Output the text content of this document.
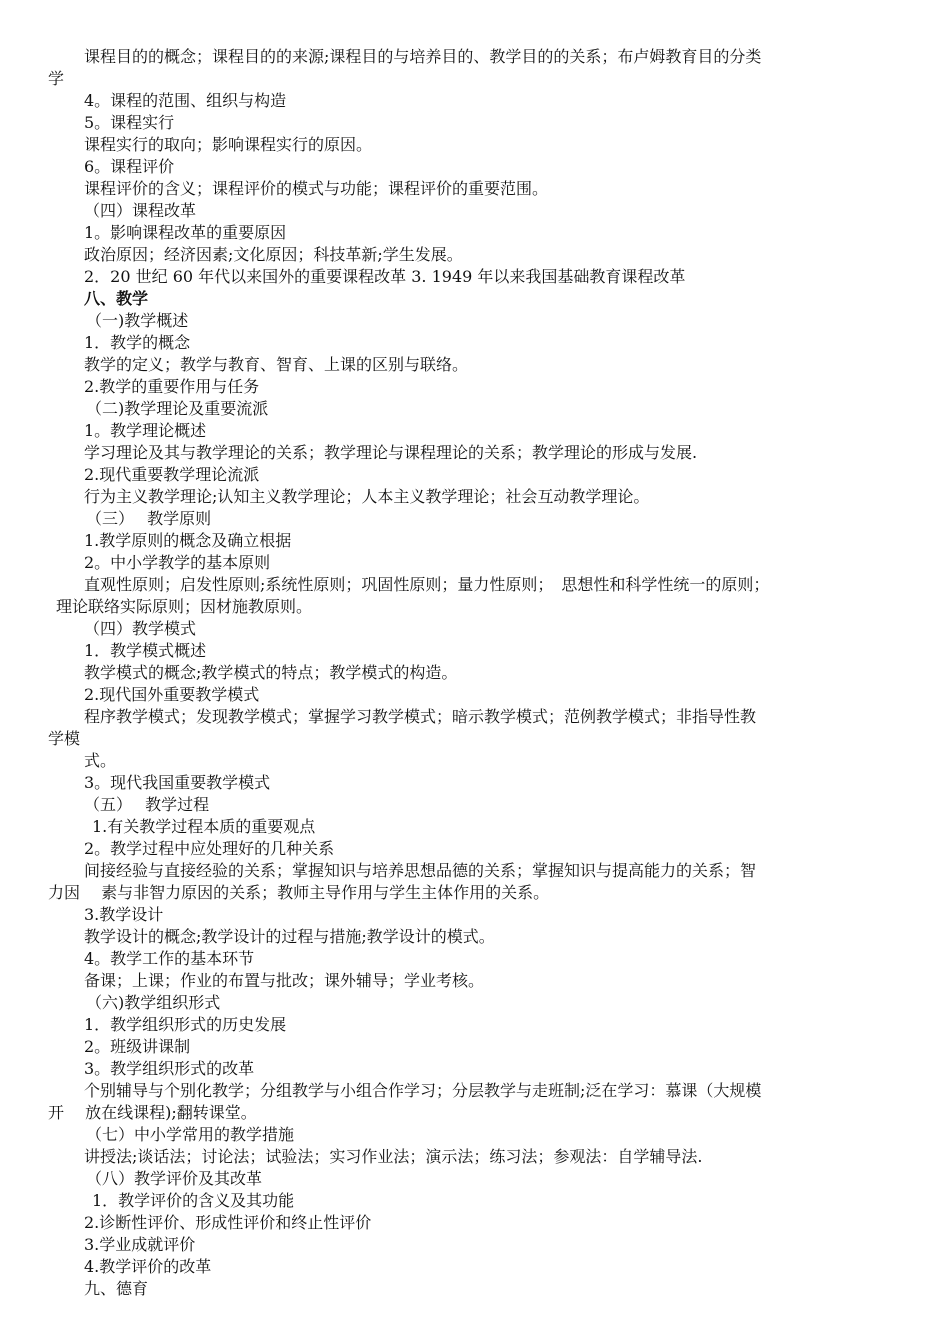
课程目的的概念；课程目的的来源;课程目的与培养目的、教学目的的关系；布卢姆教育目的分类
学
4。课程的范围、组织与构造
5。课程实行
课程实行的取向；影响课程实行的原因。
6。课程评价
课程评价的含义；课程评价的模式与功能；课程评价的重要范围。
（四）课程改革
1。影响课程改革的重要原因
政治原因；经济因素;文化原因；科技革新;学生发展。
2．20 世纪 60 年代以来国外的重要课程改革 3. 1949 年以来我国基础教育课程改革
八、教学
（一)教学概述
1．教学的概念
教学的定义；教学与教育、智育、上课的区别与联络。
2.教学的重要作用与任务
（二)教学理论及重要流派
1。教学理论概述
学习理论及其与教学理论的关系；教学理论与课程理论的关系；教学理论的形成与发展.
2.现代重要教学理论流派
行为主义教学理论;认知主义教学理论；人本主义教学理论；社会互动教学理论。
（三）　 教学原则
1.教学原则的概念及确立根据
2。中小学教学的基本原则
直观性原则；启发性原则;系统性原则；巩固性原则；量力性原则；　思想性和科学性统一的原则；
理论联络实际原则；因材施教原则。
（四）教学模式
1．教学模式概述
教学模式的概念;教学模式的特点；教学模式的构造。
2.现代国外重要教学模式
程序教学模式；发现教学模式；掌握学习教学模式；暗示教学模式；范例教学模式；非指导性教
学模
式。
3。现代我国重要教学模式
（五）　 教学过程
1.有关教学过程本质的重要观点
2。教学过程中应处理好的几种关系
间接经验与直接经验的关系；掌握知识与培养思想品德的关系；掌握知识与提高能力的关系；智
力因　 素与非智力原因的关系；教师主导作用与学生主体作用的关系。
3.教学设计
教学设计的概念;教学设计的过程与措施;教学设计的模式。
4。教学工作的基本环节
备课；上课；作业的布置与批改；课外辅导；学业考核。
（六)教学组织形式
1．教学组织形式的历史发展
2。班级讲课制
3。教学组织形式的改革
个别辅导与个别化教学；分组教学与小组合作学习；分层教学与走班制;泛在学习：慕课（大规模
开　 放在线课程);翻转课堂。
（七）中小学常用的教学措施
讲授法;谈话法；讨论法；试验法；实习作业法；演示法；练习法；参观法：自学辅导法.
（八）教学评价及其改革
1．教学评价的含义及其功能
2.诊断性评价、形成性评价和终止性评价
3.学业成就评价
4.教学评价的改革
九、德育
